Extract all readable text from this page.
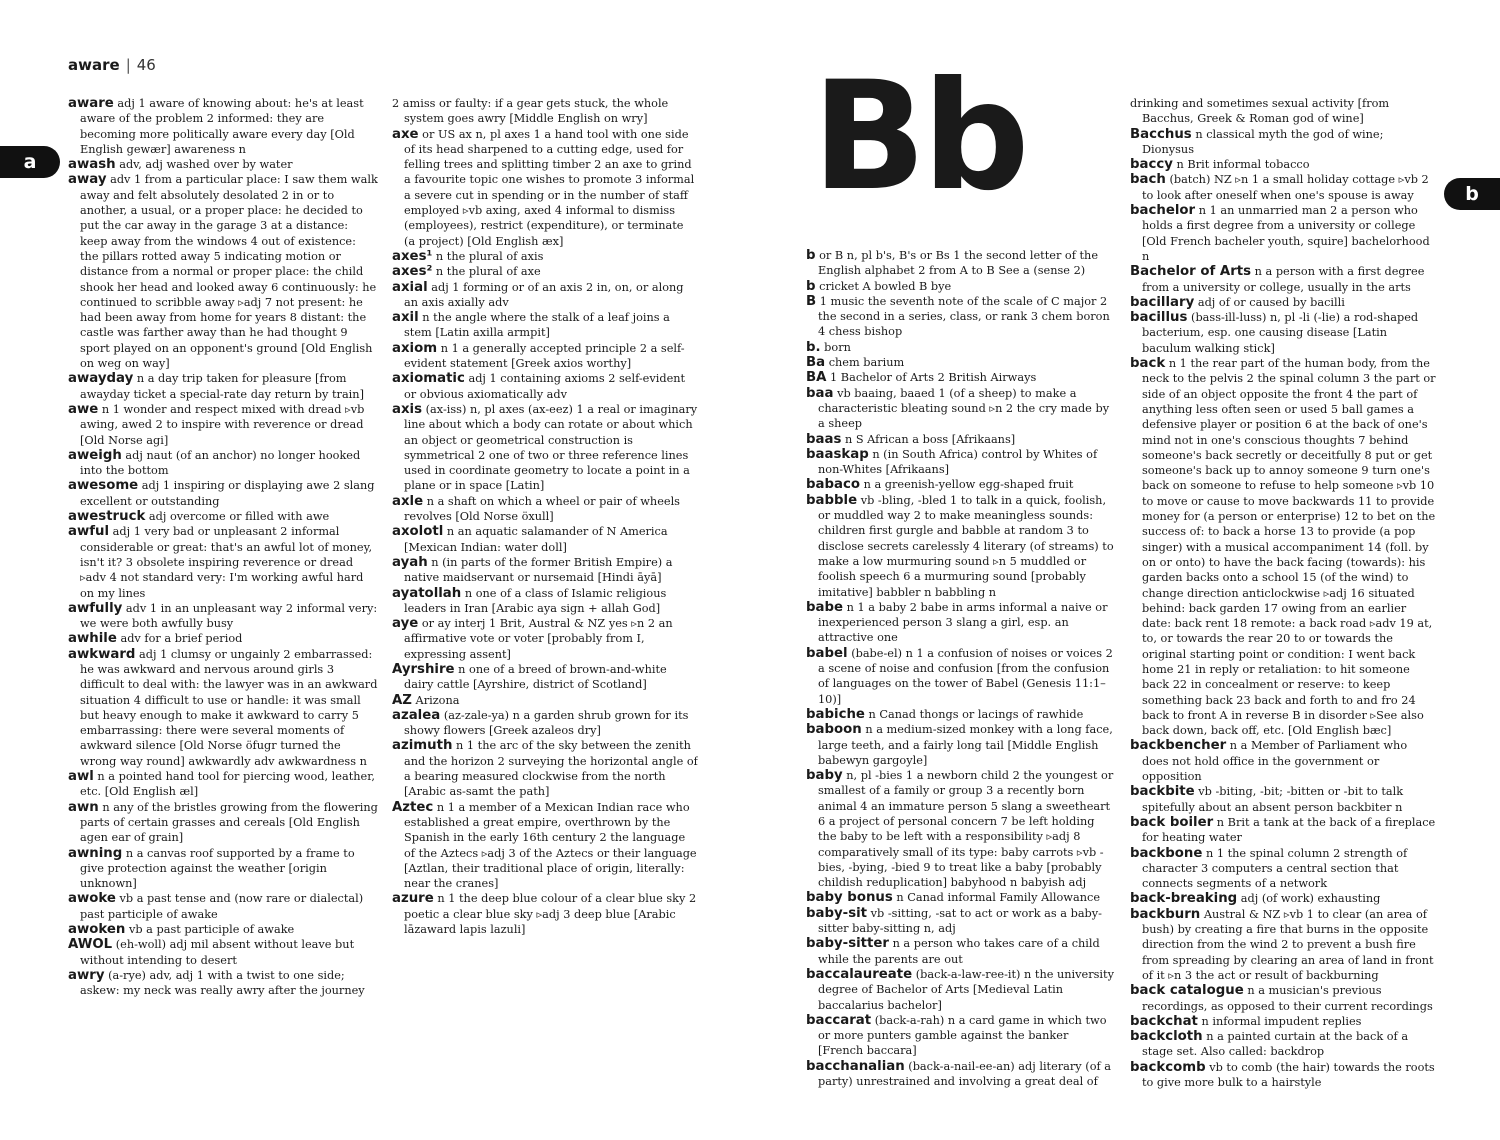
aware | 46
a
b
Bb

aware adj 1 aware of knowing about: he's at least aware of the problem 2 informed: they are becoming more politically aware every day [Old English gewær] awareness n

awash adv, adj washed over by water

away adv 1 from a particular place: I saw them walk away and felt absolutely desolated 2 in or to another, a usual, or a proper place: he decided to put the car away in the garage 3 at a distance: keep away from the windows 4 out of existence: the pillars rotted away 5 indicating motion or distance from a normal or proper place: the child shook her head and looked away 6 continuously: he continued to scribble away ▹adj 7 not present: he had been away from home for years 8 distant: the castle was farther away than he had thought 9 sport played on an opponent's ground [Old English on weg on way]

awayday n a day trip taken for pleasure [from awayday ticket a special-rate day return by train]

awe n 1 wonder and respect mixed with dread ▹vb awing, awed 2 to inspire with reverence or dread [Old Norse agi]

aweigh adj naut (of an anchor) no longer hooked into the bottom

awesome adj 1 inspiring or displaying awe 2 slang excellent or outstanding

awestruck adj overcome or filled with awe

awful adj 1 very bad or unpleasant 2 informal considerable or great: that's an awful lot of money, isn't it? 3 obsolete inspiring reverence or dread ▹adv 4 not standard very: I'm working awful hard on my lines

awfully adv 1 in an unpleasant way 2 informal very: we were both awfully busy

awhile adv for a brief period

awkward adj 1 clumsy or ungainly 2 embarrassed: he was awkward and nervous around girls 3 difficult to deal with: the lawyer was in an awkward situation 4 difficult to use or handle: it was small but heavy enough to make it awkward to carry 5 embarrassing: there were several moments of awkward silence [Old Norse öfugr turned the wrong way round] awkwardly adv awkwardness n

awl n a pointed hand tool for piercing wood, leather, etc. [Old English æl]

awn n any of the bristles growing from the flowering parts of certain grasses and cereals [Old English agen ear of grain]

awning n a canvas roof supported by a frame to give protection against the weather [origin unknown]

awoke vb a past tense and (now rare or dialectal) past participle of awake

awoken vb a past participle of awake

AWOL (eh-woll) adj mil absent without leave but without intending to desert

awry (a-rye) adv, adj 1 with a twist to one side; askew: my neck was really awry after the journey

2 amiss or faulty: if a gear gets stuck, the whole system goes awry [Middle English on wry]

axe or US ax n, pl axes 1 a hand tool with one side of its head sharpened to a cutting edge, used for felling trees and splitting timber 2 an axe to grind a favourite topic one wishes to promote 3 informal a severe cut in spending or in the number of staff employed ▹vb axing, axed 4 informal to dismiss (employees), restrict (expenditure), or terminate (a project) [Old English æx]

axes¹ n the plural of axis

axes² n the plural of axe

axial adj 1 forming or of an axis 2 in, on, or along an axis axially adv

axil n the angle where the stalk of a leaf joins a stem [Latin axilla armpit]

axiom n 1 a generally accepted principle 2 a self-evident statement [Greek axios worthy]

axiomatic adj 1 containing axioms 2 self-evident or obvious axiomatically adv

axis (ax-iss) n, pl axes (ax-eez) 1 a real or imaginary line about which a body can rotate or about which an object or geometrical construction is symmetrical 2 one of two or three reference lines used in coordinate geometry to locate a point in a plane or in space [Latin]

axle n a shaft on which a wheel or pair of wheels revolves [Old Norse öxull]

axolotl n an aquatic salamander of N America [Mexican Indian: water doll]

ayah n (in parts of the former British Empire) a native maidservant or nursemaid [Hindi āyā]

ayatollah n one of a class of Islamic religious leaders in Iran [Arabic aya sign + allah God]

aye or ay interj 1 Brit, Austral & NZ yes ▹n 2 an affirmative vote or voter [probably from I, expressing assent]

Ayrshire n one of a breed of brown-and-white dairy cattle [Ayrshire, district of Scotland]

AZ Arizona

azalea (az-zale-ya) n a garden shrub grown for its showy flowers [Greek azaleos dry]

azimuth n 1 the arc of the sky between the zenith and the horizon 2 surveying the horizontal angle of a bearing measured clockwise from the north [Arabic as-samt the path]

Aztec n 1 a member of a Mexican Indian race who established a great empire, overthrown by the Spanish in the early 16th century 2 the language of the Aztecs ▹adj 3 of the Aztecs or their language [Aztlan, their traditional place of origin, literally: near the cranes]

azure n 1 the deep blue colour of a clear blue sky 2 poetic a clear blue sky ▹adj 3 deep blue [Arabic lāzaward lapis lazuli]

b or B n, pl b's, B's or Bs 1 the second letter of the English alphabet 2 from A to B See a (sense 2)

b cricket A bowled B bye

B 1 music the seventh note of the scale of C major 2 the second in a series, class, or rank 3 chem boron 4 chess bishop

b. born

Ba chem barium

BA 1 Bachelor of Arts 2 British Airways

baa vb baaing, baaed 1 (of a sheep) to make a characteristic bleating sound ▹n 2 the cry made by a sheep

baas n S African a boss [Afrikaans]

baaskap n (in South Africa) control by Whites of non-Whites [Afrikaans]

babaco n a greenish-yellow egg-shaped fruit

babble vb -bling, -bled 1 to talk in a quick, foolish, or muddled way 2 to make meaningless sounds: children first gurgle and babble at random 3 to disclose secrets carelessly 4 literary (of streams) to make a low murmuring sound ▹n 5 muddled or foolish speech 6 a murmuring sound [probably imitative] babbler n babbling n

babe n 1 a baby 2 babe in arms informal a naive or inexperienced person 3 slang a girl, esp. an attractive one

babel (babe-el) n 1 a confusion of noises or voices 2 a scene of noise and confusion [from the confusion of languages on the tower of Babel (Genesis 11:1–10)]

babiche n Canad thongs or lacings of rawhide

baboon n a medium-sized monkey with a long face, large teeth, and a fairly long tail [Middle English babewyn gargoyle]

baby n, pl -bies 1 a newborn child 2 the youngest or smallest of a family or group 3 a recently born animal 4 an immature person 5 slang a sweetheart 6 a project of personal concern 7 be left holding the baby to be left with a responsibility ▹adj 8 comparatively small of its type: baby carrots ▹vb -bies, -bying, -bied 9 to treat like a baby [probably childish reduplication] babyhood n babyish adj

baby bonus n Canad informal Family Allowance

baby-sit vb -sitting, -sat to act or work as a baby-sitter baby-sitting n, adj

baby-sitter n a person who takes care of a child while the parents are out

baccalaureate (back-a-law-ree-it) n the university degree of Bachelor of Arts [Medieval Latin baccalarius bachelor]

baccarat (back-a-rah) n a card game in which two or more punters gamble against the banker [French baccara]

bacchanalian (back-a-nail-ee-an) adj literary (of a party) unrestrained and involving a great deal of

drinking and sometimes sexual activity [from Bacchus, Greek & Roman god of wine]

Bacchus n classical myth the god of wine; Dionysus

baccy n Brit informal tobacco

bach (batch) NZ ▹n 1 a small holiday cottage ▹vb 2 to look after oneself when one's spouse is away

bachelor n 1 an unmarried man 2 a person who holds a first degree from a university or college [Old French bacheler youth, squire] bachelorhood n

Bachelor of Arts n a person with a first degree from a university or college, usually in the arts

bacillary adj of or caused by bacilli

bacillus (bass-ill-luss) n, pl -li (-lie) a rod-shaped bacterium, esp. one causing disease [Latin baculum walking stick]

back n 1 the rear part of the human body, from the neck to the pelvis 2 the spinal column 3 the part or side of an object opposite the front 4 the part of anything less often seen or used 5 ball games a defensive player or position 6 at the back of one's mind not in one's conscious thoughts 7 behind someone's back secretly or deceitfully 8 put or get someone's back up to annoy someone 9 turn one's back on someone to refuse to help someone ▹vb 10 to move or cause to move backwards 11 to provide money for (a person or enterprise) 12 to bet on the success of: to back a horse 13 to provide (a pop singer) with a musical accompaniment 14 (foll. by on or onto) to have the back facing (towards): his garden backs onto a school 15 (of the wind) to change direction anticlockwise ▹adj 16 situated behind: back garden 17 owing from an earlier date: back rent 18 remote: a back road ▹adv 19 at, to, or towards the rear 20 to or towards the original starting point or condition: I went back home 21 in reply or retaliation: to hit someone back 22 in concealment or reserve: to keep something back 23 back and forth to and fro 24 back to front A in reverse B in disorder ▹See also back down, back off, etc. [Old English bæc]

backbencher n a Member of Parliament who does not hold office in the government or opposition

backbite vb -biting, -bit; -bitten or -bit to talk spitefully about an absent person backbiter n

back boiler n Brit a tank at the back of a fireplace for heating water

backbone n 1 the spinal column 2 strength of character 3 computers a central section that connects segments of a network

back-breaking adj (of work) exhausting

backburn Austral & NZ ▹vb 1 to clear (an area of bush) by creating a fire that burns in the opposite direction from the wind 2 to prevent a bush fire from spreading by clearing an area of land in front of it ▹n 3 the act or result of backburning

back catalogue n a musician's previous recordings, as opposed to their current recordings

backchat n informal impudent replies

backcloth n a painted curtain at the back of a stage set. Also called: backdrop

backcomb vb to comb (the hair) towards the roots to give more bulk to a hairstyle
